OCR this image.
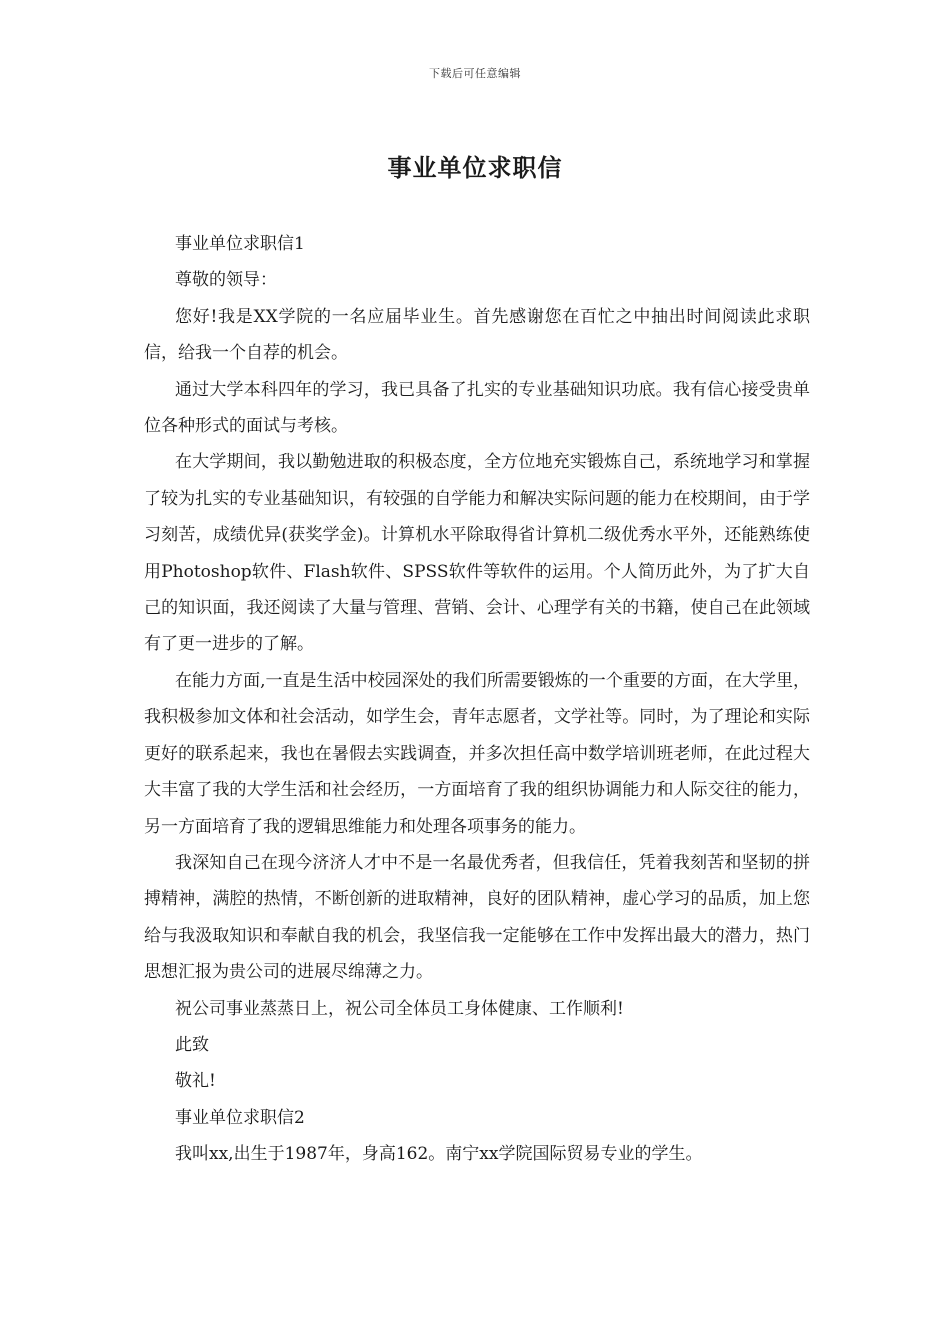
下载后可任意编辑
事业单位求职信

事业单位求职信1

尊敬的领导：

您好!我是XX学院的一名应届毕业生。首先感谢您在百忙之中抽出时间阅读此求职信，给我一个自荐的机会。

通过大学本科四年的学习，我已具备了扎实的专业基础知识功底。我有信心接受贵单位各种形式的面试与考核。

在大学期间，我以勤勉进取的积极态度，全方位地充实锻炼自己，系统地学习和掌握了较为扎实的专业基础知识，有较强的自学能力和解决实际问题的能力在校期间，由于学习刻苦，成绩优异(获奖学金)。计算机水平除取得省计算机二级优秀水平外，还能熟练使用Photoshop软件、Flash软件、SPSS软件等软件的运用。个人简历此外，为了扩大自己的知识面，我还阅读了大量与管理、营销、会计、心理学有关的书籍，使自己在此领域有了更一进步的了解。

在能力方面,一直是生活中校园深处的我们所需要锻炼的一个重要的方面，在大学里，我积极参加文体和社会活动，如学生会，青年志愿者，文学社等。同时，为了理论和实际更好的联系起来，我也在暑假去实践调查，并多次担任高中数学培训班老师，在此过程大大丰富了我的大学生活和社会经历，一方面培育了我的组织协调能力和人际交往的能力，另一方面培育了我的逻辑思维能力和处理各项事务的能力。

我深知自己在现今济济人才中不是一名最优秀者，但我信任，凭着我刻苦和坚韧的拼搏精神，满腔的热情，不断创新的进取精神，良好的团队精神，虚心学习的品质，加上您给与我汲取知识和奉献自我的机会，我坚信我一定能够在工作中发挥出最大的潜力，热门思想汇报为贵公司的进展尽绵薄之力。

祝公司事业蒸蒸日上，祝公司全体员工身体健康、工作顺利!

此致

敬礼!

事业单位求职信2

我叫xx,出生于1987年，身高162。南宁xx学院国际贸易专业的学生。
